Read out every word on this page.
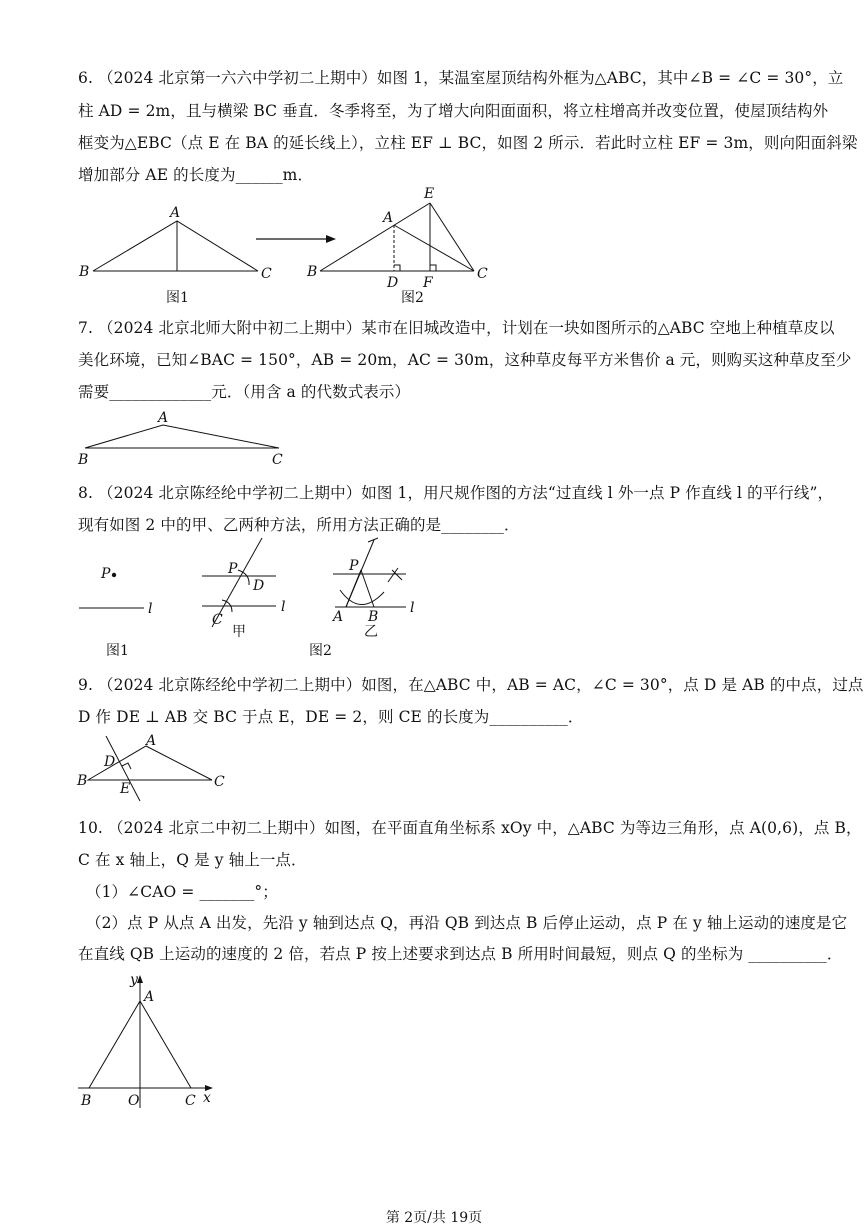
6. （2024 北京第一六六中学初二上期中）如图 1，某温室屋顶结构外框为△ABC，其中∠B = ∠C = 30°，立
柱 AD = 2m，且与横梁 BC 垂直．冬季将至，为了增大向阳面面积，将立柱增高并改变位置，使屋顶结构外
框变为△EBC（点 E 在 BA 的延长线上），立柱 EF ⊥ BC，如图 2 所示．若此时立柱 EF = 3m，则向阳面斜梁
增加部分 AE 的长度为______m．
A
B	C
图1
E
A
B	C
D F
图2
7. （2024 北京北师大附中初二上期中）某市在旧城改造中，计划在一块如图所示的△ABC 空地上种植草皮以
美化环境，已知∠BAC = 150°，AB = 20m，AC = 30m，这种草皮每平方米售价 a 元，则购买这种草皮至少
需要_____________元．（用含 a 的代数式表示）
A
B	C
8. （2024 北京陈经纶中学初二上期中）如图 1，用尺规作图的方法“过直线 l 外一点 P 作直线 l 的平行线”，
现有如图 2 中的甲、乙两种方法，所用方法正确的是________．
P
l
图1
P
D
C
l
甲
P
A B
l
乙
图2
9. （2024 北京陈经纶中学初二上期中）如图，在△ABC 中，AB = AC，∠C = 30°，点 D 是 AB 的中点，过点
D 作 DE ⊥ AB 交 BC 于点 E，DE = 2，则 CE 的长度为__________．
A
B	C
D
E
10. （2024 北京二中初二上期中）如图，在平面直角坐标系 xOy 中，△ABC 为等边三角形，点 A(0,6)，点 B，
C 在 x 轴上，Q 是 y 轴上一点．
（1）∠CAO = _______°；
（2）点 P 从点 A 出发，先沿 y 轴到达点 Q，再沿 QB 到达点 B 后停止运动，点 P 在 y 轴上运动的速度是它
在直线 QB 上运动的速度的 2 倍，若点 P 按上述要求到达点 B 所用时间最短，则点 Q 的坐标为 __________．
y
A
B	O	C x
第 2页/共 19页
